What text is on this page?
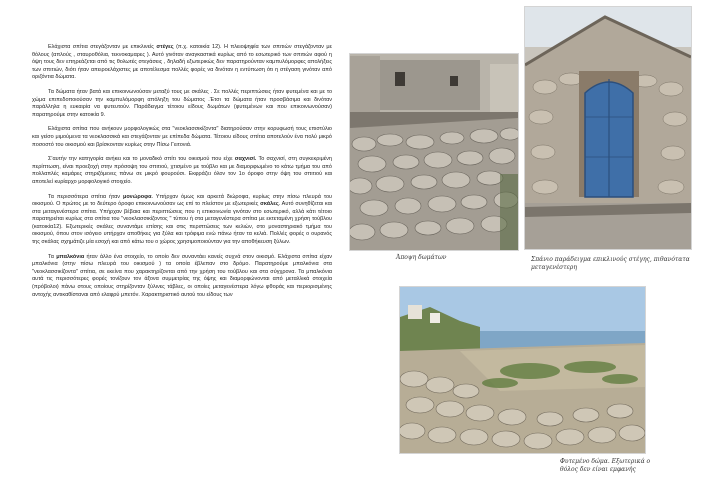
Ελάχιστα σπίτια στεγάζονταν με επικλινείς στέγες (π.χ. κατοικία 12). Η πλειοψηφία των σπιτιών στεγάζονταν με θόλους (απλούς , σταυροθόλια, τεκνοκαμαρες ). Αυτό γινόταν αναγκαστικά κυρίως από το εσωτερικό των σπιτιών αφού η όψη τους δεν επηρεάζεται από τις θολωτές στεγάσεις , δηλαδή εξωτερικώς δεν παρατηρούνταν καμπυλόμορφες απολήξεις των σπιτιών, διότι ήταν απειροελάχιστες με αποτέλεσμα πολλές φορές να δινόταν η εντύπωση ότι η στέγαση γινόταν από οριζόντια δώματα.

Τα δώματα ήταν βατά και επικοινωνούσαν μεταξύ τους με σκάλες . Σε πολλές περιπτώσεις ήταν φυτεμένα και με το χώμα επιπεδοποιούσαν την καμπυλόμορφη απόληξη του δώματος .Έτσι τα δώματα ήταν προσβάσιμα και δινόταν παράλληλα η ευκαιρία να φυτευτούν. Παράδειγμα τέτοιου είδους δωμάτων (φυτεμένων και που επικοινωνούσαν) παρατηρούμε στην κατοικία 9.

Ελάχιστα σπίτια που ανήκουν μορφολογικώς στα "νεοκλασσικίζοντα" διατηρούσαν στην κορυφωσή τους επιστύλιο και γείσο μιμούμενα τα νεοκλασσικά και στεγάζονταν με επίπεδα δώματα. Τέτοιου είδους σπίτια αποτελούν ένα πολύ μικρό ποσοστό του οικισμού και βρίσκονταν κυρίως στην Πίσω Γειτονιά.

Σ'αυτήν την κατηγορία ανήκει και το μοναδικό σπίτι του οικισμού που είχε σαχνισί. Το σαχνισί, στη συγκεκριμένη περίπτωση, είναι προεξοχή στην πρόσοψη του σπιτιού, χτισμένο με τούβλο και με διαμορφωμένο το κάτω τμήμα του από πολλαπλές καμάρες στηριζόμενες πάνω σε μικρό φουρούσι. Εκφράζει όλον τον 1ο όροφο στην όψη του σπιτιού και αποτελεί κυρίαρχο μορφολογικό στοιχείο.

Τα περισσότερα σπίτια ήταν μονώροφα. Υπήρχαν όμως και αρκετά διώροφα, κυρίως στην πίσω πλευρά του οικισμού. Ο πρώτος με το δεύτερο όροφο επικοινωνούσαν ως επί το πλείστον με εξωτερικές σκάλες. Αυτό συνηθίζεται και στα μεταγενέστερα σπίτια. Υπήρχαν βέβαια και περιπτώσεις που η επικοινωνία γινόταν στο εσωτερικό, αλλά κάτι τέτοιο παρατηρείται κυρίως στα σπίτια του "νεοκλασσικίζοντος " τύπου ή στα μεταγενέστερα σπίτια με εκτεταμένη χρήση τούβλου (κατοικία12). Εξωτερικές σκάλες συναντάμε επίσης και στις περιπτώσεις των κελιών, στο μοναστηριακό τμήμα του οικισμού, όπου στον ισόγειο υπήρχαν αποθήκες για ξύλα και τρόφιμα ενώ πάνω ήταν τα κελιά. Πολλές φορές ο ουρανός της σκάλας σχημάτιζε μία εσοχή και από κάτω του ο χώρος χρησιμοποιούνταν για την αποθήκευση ξύλων.

Τα μπαλκόνια ήταν άλλο ένα στοιχείο, το οποίο δεν συναντάει κανείς συχνά στον οικισμό. Ελάχιστα σπίτια είχαν μπαλκόνια (στην πίσω πλευρά του οικισμού ) τα οποία έβλεπαν στο δρόμο. Παρατηρούμε μπαλκόνια στα "νεοκλασσικίζοντα" σπίτια, σε εκείνα που χαρακτηρίζονται από την χρήση του τούβλου και στα σύγχρονα. Τα μπαλκόνια αυτά τις περισσότερες φορές τονίζουν τον άξονα συμμετρίας της όψης και διαμορφώνονται από μεταλλικά στοιχεία (πρόβολοι) πάνω στους οποίους στηρίζονταν ξύλινες τάβλες, οι οποίες μεταγενέστερα λόγω φθοράς και περιορισμένης αντοχής αντικαθίσταναι από ελαφρύ μπετόν. Χαρακτηριστικό αυτού του είδους των

Άποψη δωμάτων	Σπάνιο παράδειγμα επικλινούς στέγης, πιθανότατα μεταγενέστερη
Φυτεμένο δώμα. Εξωτερικά ο θόλος δεν είναι εμφανής
